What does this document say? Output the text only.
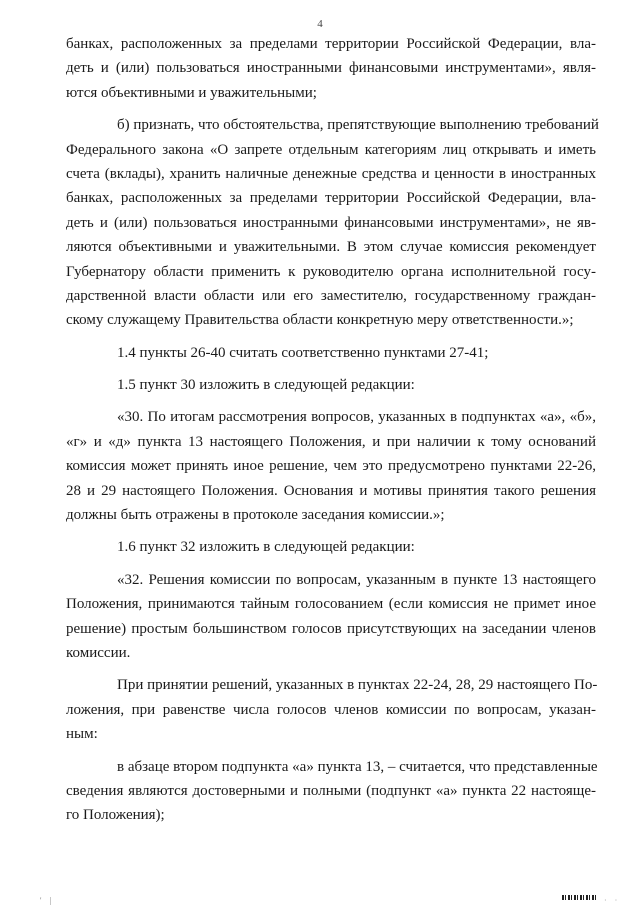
4
банках, расположенных за пределами территории Российской Федерации, вла-
деть и (или) пользоваться иностранными финансовыми инструментами», явля-
ются объективными и уважительными;
б) признать, что обстоятельства, препятствующие выполнению требований
Федерального закона «О запрете отдельным категориям лиц открывать и иметь
счета (вклады), хранить наличные денежные средства и ценности в иностранных
банках, расположенных за пределами территории Российской Федерации, вла-
деть и (или) пользоваться иностранными финансовыми инструментами», не яв-
ляются объективными и уважительными. В этом случае комиссия рекомендует
Губернатору области применить к руководителю органа исполнительной госу-
дарственной власти области или его заместителю, государственному граждан-
скому служащему Правительства области конкретную меру ответственности.»;
1.4 пункты 26-40 считать соответственно пунктами 27-41;
1.5 пункт 30 изложить в следующей редакции:
«30. По итогам рассмотрения вопросов, указанных в подпунктах «а», «б»,
«г» и «д» пункта 13 настоящего Положения, и при наличии к тому оснований
комиссия может принять иное решение, чем это предусмотрено пунктами 22-26,
28 и 29 настоящего Положения. Основания и мотивы принятия такого решения
должны быть отражены в протоколе заседания комиссии.»;
1.6 пункт 32 изложить в следующей редакции:
«32. Решения комиссии по вопросам, указанным в пункте 13 настоящего
Положения, принимаются тайным голосованием (если комиссия не примет иное
решение) простым большинством голосов присутствующих на заседании членов
комиссии.
При принятии решений, указанных в пунктах 22-24, 28, 29 настоящего По-
ложения, при равенстве числа голосов членов комиссии по вопросам, указан-
ным:
в абзаце втором подпункта «а» пункта 13, – считается, что представленные
сведения являются достоверными и полными (подпункт «а» пункта 22 настояще-
го Положения);
' |	· ·
